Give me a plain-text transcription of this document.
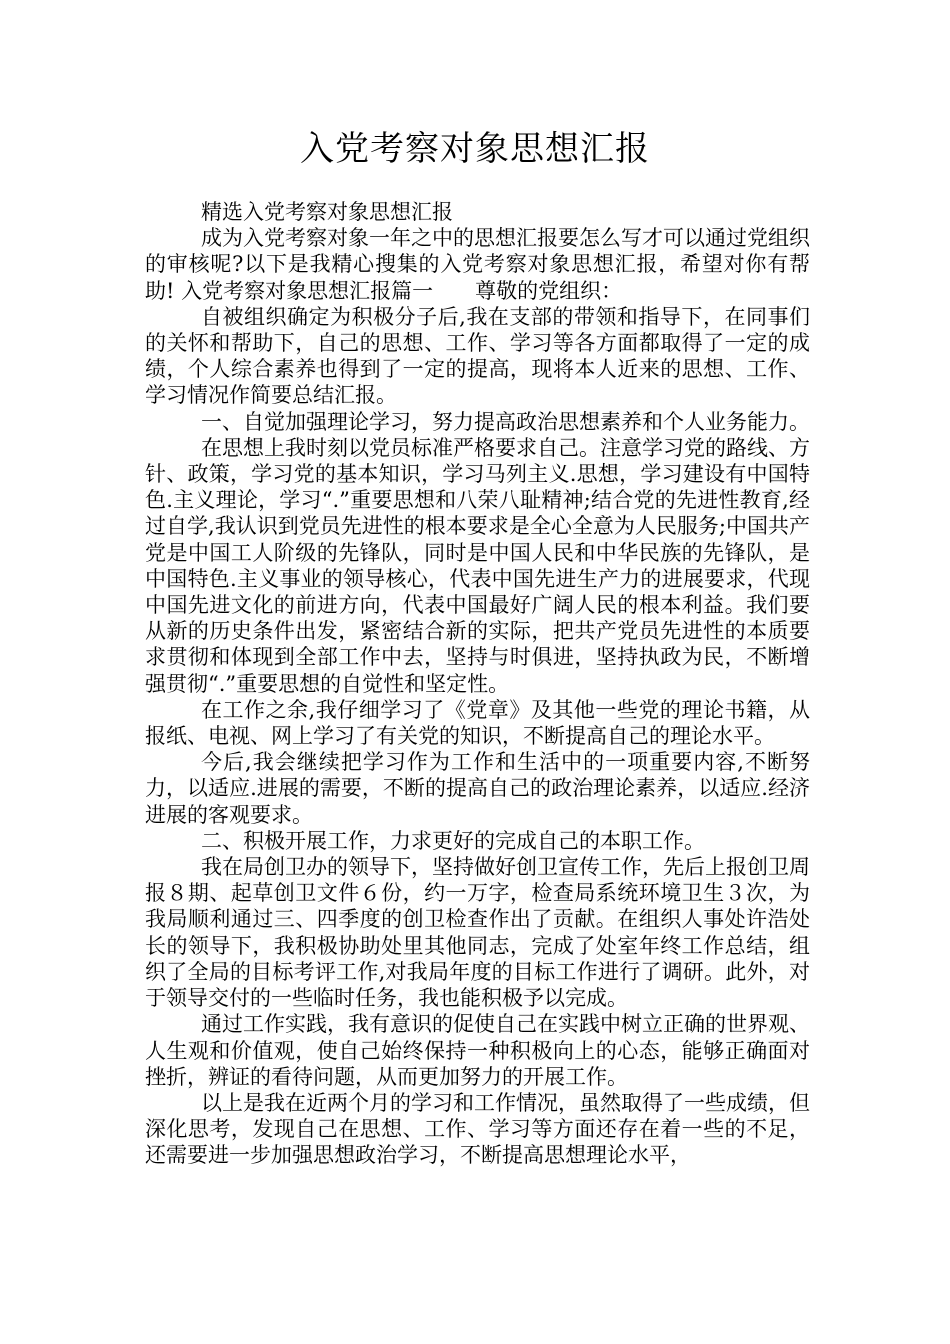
入党考察对象思想汇报

精选入党考察对象思想汇报

成为入党考察对象一年之中的思想汇报要怎么写才可以通过党组织的审核呢?以下是我精心搜集的入党考察对象思想汇报，希望对你有帮助! 入党考察对象思想汇报篇一　　尊敬的党组织：

自被组织确定为积极分子后,我在支部的带领和指导下，在同事们的关怀和帮助下，自己的思想、工作、学习等各方面都取得了一定的成绩，个人综合素养也得到了一定的提高，现将本人近来的思想、工作、学习情况作简要总结汇报。

一、自觉加强理论学习，努力提高政治思想素养和个人业务能力。

在思想上我时刻以党员标准严格要求自己。注意学习党的路线、方针、政策，学习党的基本知识，学习马列主义.思想，学习建设有中国特色.主义理论，学习“.”重要思想和八荣八耻精神;结合党的先进性教育,经过自学,我认识到党员先进性的根本要求是全心全意为人民服务;中国共产党是中国工人阶级的先锋队，同时是中国人民和中华民族的先锋队，是中国特色.主义事业的领导核心，代表中国先进生产力的进展要求，代现中国先进文化的前进方向，代表中国最好广阔人民的根本利益。我们要从新的历史条件出发，紧密结合新的实际，把共产党员先进性的本质要求贯彻和体现到全部工作中去，坚持与时俱进，坚持执政为民，不断增强贯彻“.”重要思想的自觉性和坚定性。

在工作之余,我仔细学习了《党章》及其他一些党的理论书籍，从报纸、电视、网上学习了有关党的知识，不断提高自己的理论水平。

今后,我会继续把学习作为工作和生活中的一项重要内容,不断努力，以适应.进展的需要，不断的提高自己的政治理论素养，以适应.经济进展的客观要求。

二、积极开展工作，力求更好的完成自己的本职工作。

我在局创卫办的领导下，坚持做好创卫宣传工作，先后上报创卫周报８期、起草创卫文件６份，约一万字，检查局系统环境卫生３次，为我局顺利通过三、四季度的创卫检查作出了贡献。在组织人事处许浩处长的领导下，我积极协助处里其他同志，完成了处室年终工作总结，组织了全局的目标考评工作,对我局年度的目标工作进行了调研。此外，对于领导交付的一些临时任务，我也能积极予以完成。

通过工作实践，我有意识的促使自己在实践中树立正确的世界观、人生观和价值观，使自己始终保持一种积极向上的心态，能够正确面对挫折，辨证的看待问题，从而更加努力的开展工作。

以上是我在近两个月的学习和工作情况，虽然取得了一些成绩，但深化思考，发现自己在思想、工作、学习等方面还存在着一些的不足，还需要进一步加强思想政治学习，不断提高思想理论水平，
